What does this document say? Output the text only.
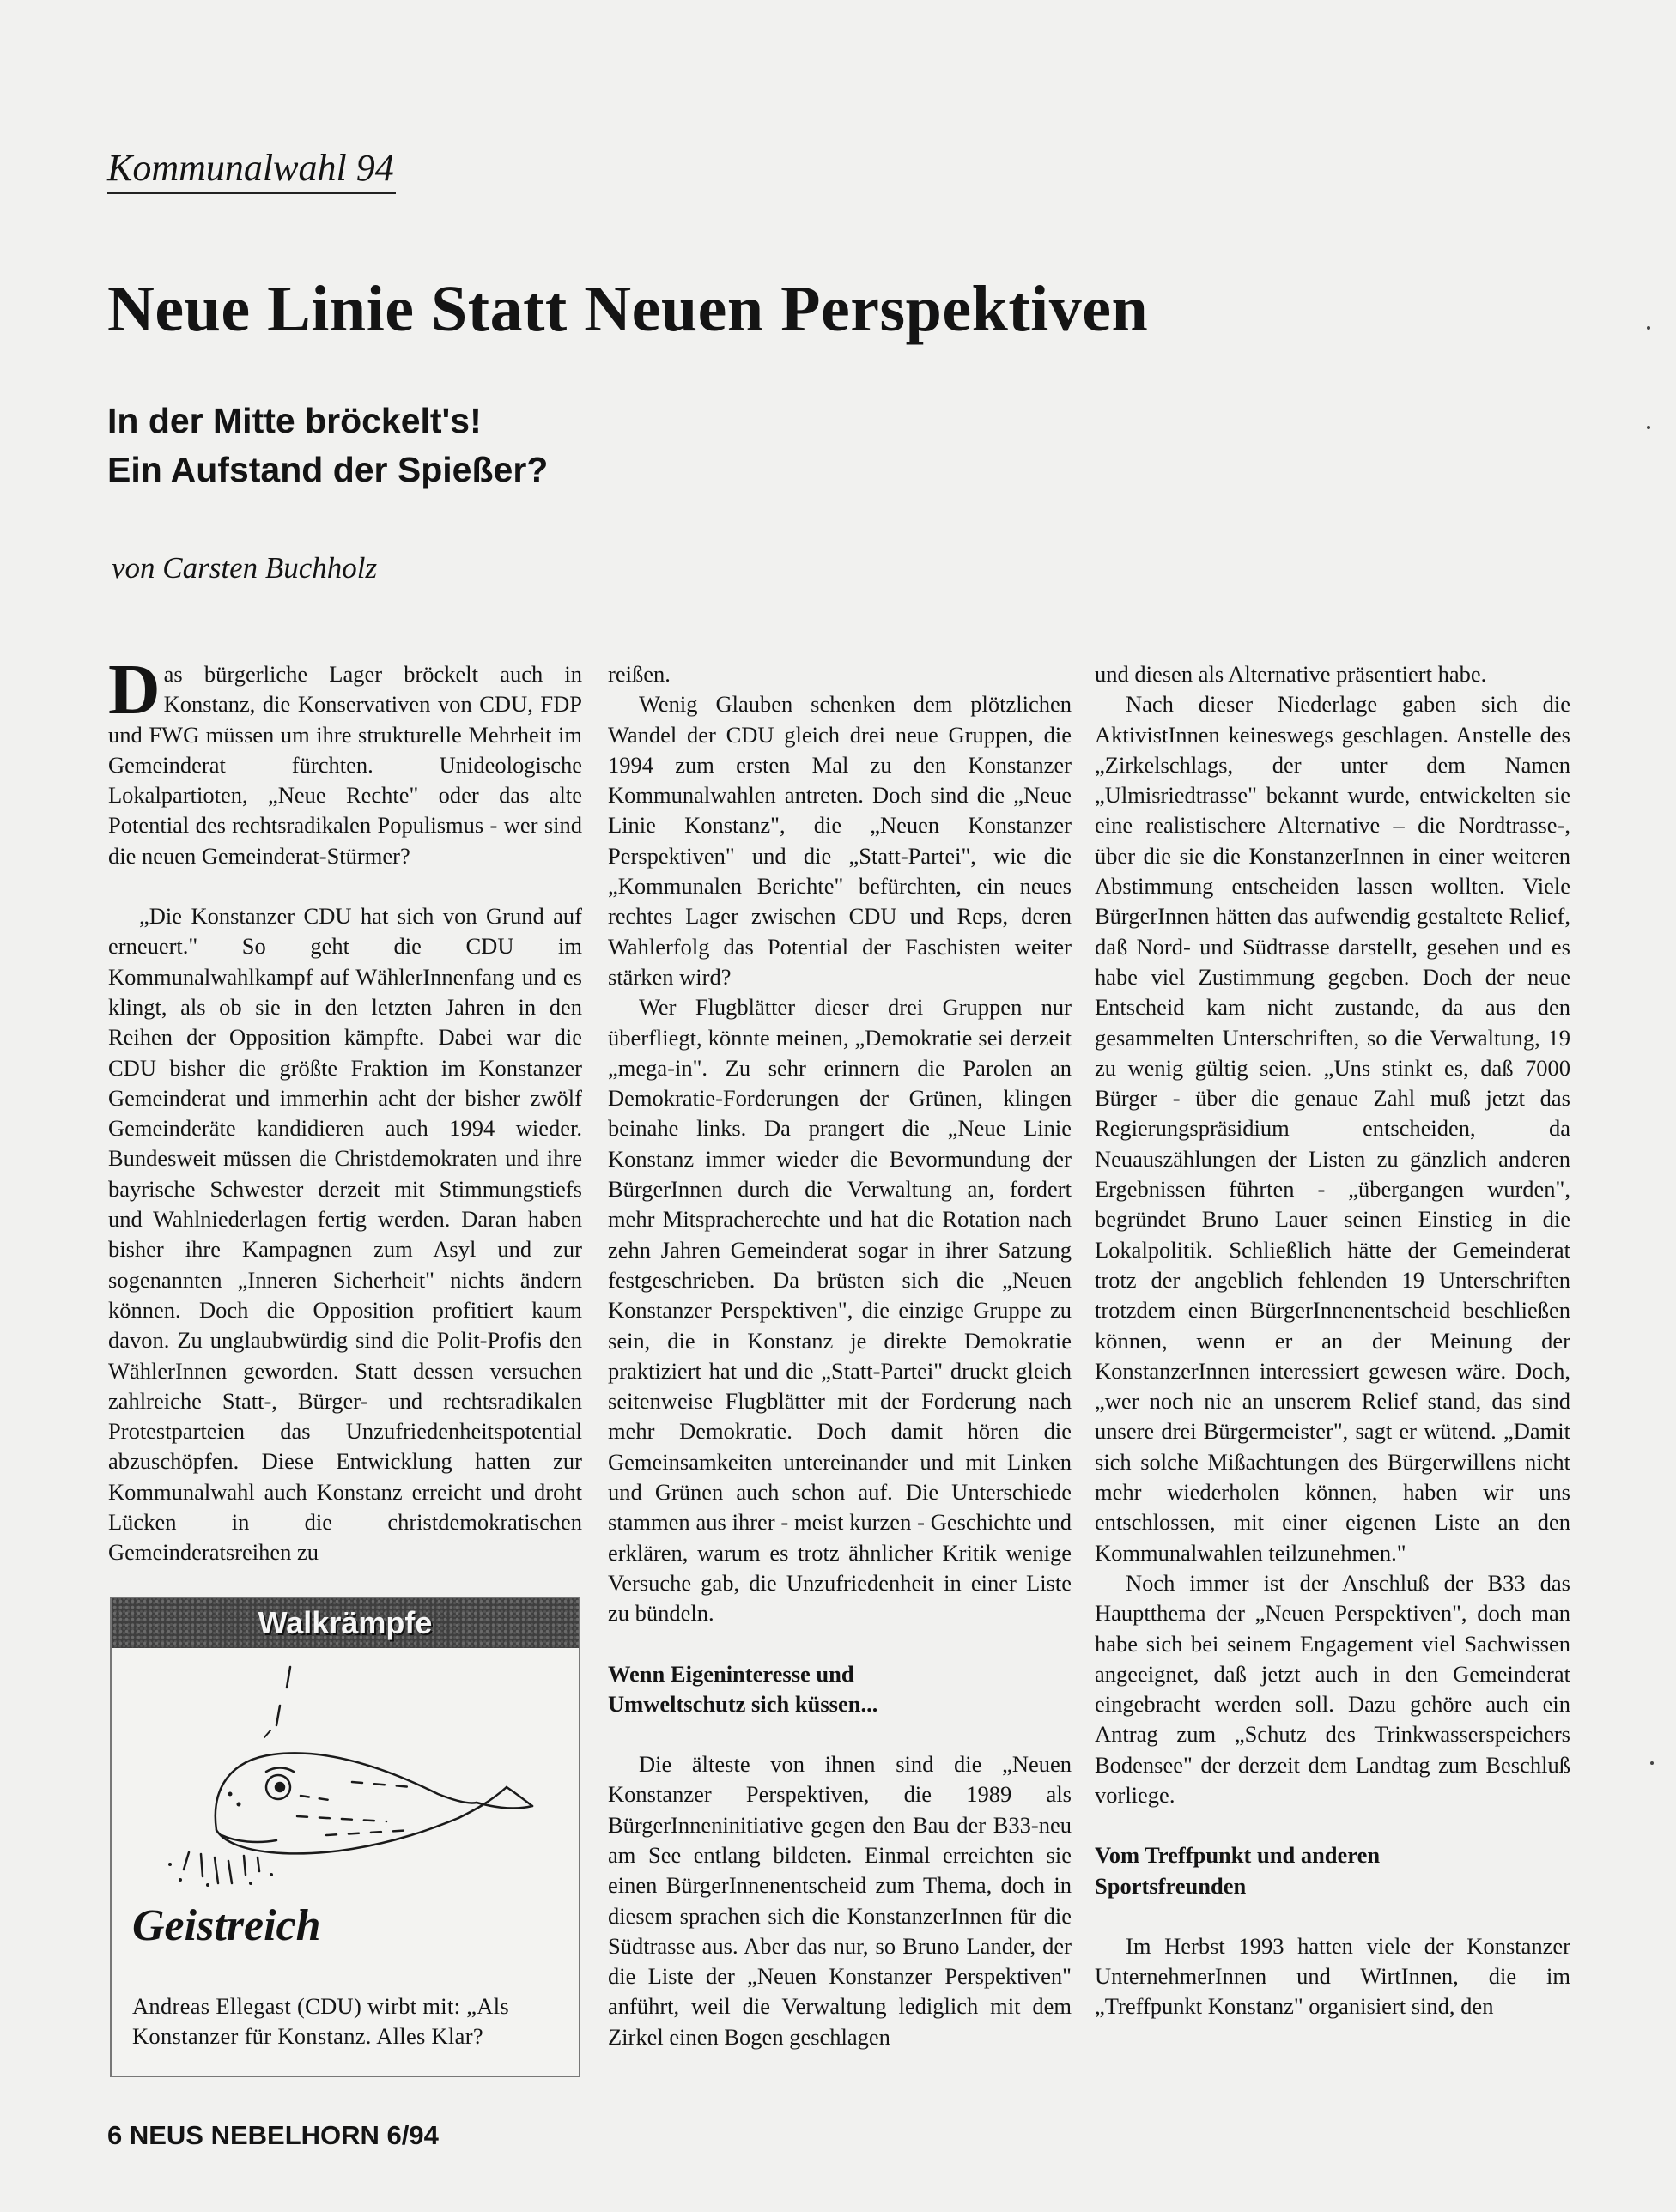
Kommunalwahl 94
Neue Linie Statt Neuen Perspektiven
In der Mitte bröckelt's!
Ein Aufstand der Spießer?

von Carsten Buchholz

Das bürgerliche Lager bröckelt auch in Konstanz, die Konservativen von CDU, FDP und FWG müssen um ihre strukturelle Mehrheit im Gemeinderat fürchten. Unideologische Lokalpartioten, „Neue Rechte" oder das alte Potential des rechtsradikalen Populismus - wer sind die neuen Gemeinderat-Stürmer?

„Die Konstanzer CDU hat sich von Grund auf erneuert." So geht die CDU im Kommunalwahlkampf auf WählerInnenfang und es klingt, als ob sie in den letzten Jahren in den Reihen der Opposition kämpfte. Dabei war die CDU bisher die größte Fraktion im Konstanzer Gemeinderat und immerhin acht der bisher zwölf Gemeinderäte kandidieren auch 1994 wieder. Bundesweit müssen die Christdemokraten und ihre bayrische Schwester derzeit mit Stimmungstiefs und Wahlniederlagen fertig werden. Daran haben bisher ihre Kampagnen zum Asyl und zur sogenannten „Inneren Sicherheit" nichts ändern können. Doch die Opposition profitiert kaum davon. Zu unglaubwürdig sind die Polit-Profis den WählerInnen geworden. Statt dessen versuchen zahlreiche Statt-, Bürger- und rechtsradikalen Protestparteien das Unzufriedenheitspotential abzuschöpfen. Diese Entwicklung hatten zur Kommunalwahl auch Konstanz erreicht und droht Lücken in die christdemokratischen Gemeinderatsreihen zu

reißen.

Wenig Glauben schenken dem plötzlichen Wandel der CDU gleich drei neue Gruppen, die 1994 zum ersten Mal zu den Konstanzer Kommunalwahlen antreten. Doch sind die „Neue Linie Konstanz", die „Neuen Konstanzer Perspektiven" und die „Statt-Partei", wie die „Kommunalen Berichte" befürchten, ein neues rechtes Lager zwischen CDU und Reps, deren Wahlerfolg das Potential der Faschisten weiter stärken wird?

Wer Flugblätter dieser drei Gruppen nur überfliegt, könnte meinen, „Demokratie sei derzeit „mega-in". Zu sehr erinnern die Parolen an Demokratie-Forderungen der Grünen, klingen beinahe links. Da prangert die „Neue Linie Konstanz immer wieder die Bevormundung der BürgerInnen durch die Verwaltung an, fordert mehr Mitspracherechte und hat die Rotation nach zehn Jahren Gemeinderat sogar in ihrer Satzung festgeschrieben. Da brüsten sich die „Neuen Konstanzer Perspektiven", die einzige Gruppe zu sein, die in Konstanz je direkte Demokratie praktiziert hat und die „Statt-Partei" druckt gleich seitenweise Flugblätter mit der Forderung nach mehr Demokratie. Doch damit hören die Gemeinsamkeiten untereinander und mit Linken und Grünen auch schon auf. Die Unterschiede stammen aus ihrer - meist kurzen - Geschichte und erklären, warum es trotz ähnlicher Kritik wenige Versuche gab, die Unzufriedenheit in einer Liste zu bündeln.

Wenn Eigeninteresse und Umweltschutz sich küssen...

Die älteste von ihnen sind die „Neuen Konstanzer Perspektiven, die 1989 als BürgerInneninitiative gegen den Bau der B33-neu am See entlang bildeten. Einmal erreichten sie einen BürgerInnenentscheid zum Thema, doch in diesem sprachen sich die KonstanzerInnen für die Südtrasse aus. Aber das nur, so Bruno Lander, der die Liste der „Neuen Konstanzer Perspektiven" anführt, weil die Verwaltung lediglich mit dem Zirkel einen Bogen geschlagen

und diesen als Alternative präsentiert habe.

Nach dieser Niederlage gaben sich die AktivistInnen keineswegs geschlagen. Anstelle des „Zirkelschlags, der unter dem Namen „Ulmisriedtrasse" bekannt wurde, entwickelten sie eine realistischere Alternative – die Nordtrasse-, über die sie die KonstanzerInnen in einer weiteren Abstimmung entscheiden lassen wollten. Viele BürgerInnen hätten das aufwendig gestaltete Relief, daß Nord- und Südtrasse darstellt, gesehen und es habe viel Zustimmung gegeben. Doch der neue Entscheid kam nicht zustande, da aus den gesammelten Unterschriften, so die Verwaltung, 19 zu wenig gültig seien. „Uns stinkt es, daß 7000 Bürger - über die genaue Zahl muß jetzt das Regierungspräsidium entscheiden, da Neuauszählungen der Listen zu gänzlich anderen Ergebnissen führten - „übergangen wurden", begründet Bruno Lauer seinen Einstieg in die Lokalpolitik. Schließlich hätte der Gemeinderat trotz der angeblich fehlenden 19 Unterschriften trotzdem einen BürgerInnenentscheid beschließen können, wenn er an der Meinung der KonstanzerInnen interessiert gewesen wäre. Doch, „wer noch nie an unserem Relief stand, das sind unsere drei Bürgermeister", sagt er wütend. „Damit sich solche Mißachtungen des Bürgerwillens nicht mehr wiederholen können, haben wir uns entschlossen, mit einer eigenen Liste an den Kommunalwahlen teilzunehmen."

Noch immer ist der Anschluß der B33 das Hauptthema der „Neuen Perspektiven", doch man habe sich bei seinem Engagement viel Sachwissen angeeignet, daß jetzt auch in den Gemeinderat eingebracht werden soll. Dazu gehöre auch ein Antrag zum „Schutz des Trinkwasserspeichers Bodensee" der derzeit dem Landtag zum Beschluß vorliege.

Vom Treffpunkt und anderen Sportsfreunden

Im Herbst 1993 hatten viele der Konstanzer UnternehmerInnen und WirtInnen, die im „Treffpunkt Konstanz" organisiert sind, den

Walkrämpfe

Geistreich

Andreas Ellegast (CDU) wirbt mit: „Als Konstanzer für Konstanz. Alles Klar?

6 NEUS NEBELHORN 6/94
